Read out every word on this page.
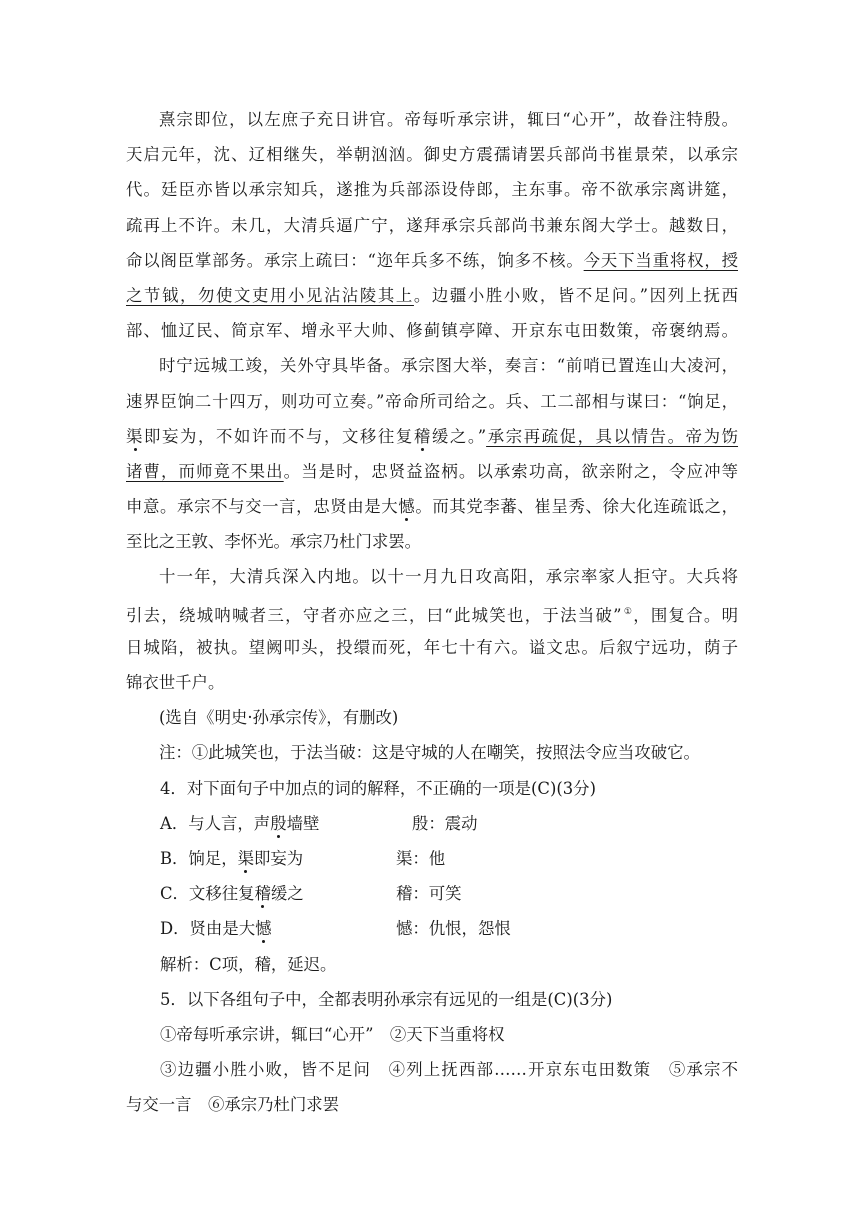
熹宗即位，以左庶子充日讲官。帝每听承宗讲，辄曰“心开”，故眷注特殷。
天启元年，沈、辽相继失，举朝汹汹。御史方震孺请罢兵部尚书崔景荣，以承宗
代。廷臣亦皆以承宗知兵，遂推为兵部添设侍郎，主东事。帝不欲承宗离讲筵，
疏再上不许。未几，大清兵逼广宁，遂拜承宗兵部尚书兼东阁大学士。越数日，
命以阁臣掌部务。承宗上疏曰：“迩年兵多不练，饷多不核。今天下当重将权，授
之节钺，勿使文吏用小见沾沾陵其上。边疆小胜小败，皆不足问。”因列上抚西
部、恤辽民、简京军、增永平大帅、修蓟镇亭障、开京东屯田数策，帝褒纳焉。
时宁远城工竣，关外守具毕备。承宗图大举，奏言：“前哨已置连山大凌河，
速界臣饷二十四万，则功可立奏。”帝命所司给之。兵、工二部相与谋曰：“饷足，
渠即妄为，不如许而不与，文移往复稽缓之。”承宗再疏促，具以情告。帝为饬
诸曹，而师竟不果出。当是时，忠贤益盗柄。以承索功高，欲亲附之，令应冲等
申意。承宗不与交一言，忠贤由是大憾。而其党李蕃、崔呈秀、徐大化连疏诋之，
至比之王敦、李怀光。承宗乃杜门求罢。
十一年，大清兵深入内地。以十一月九日攻高阳，承宗率家人拒守。大兵将
引去，绕城呐喊者三，守者亦应之三，曰“此城笑也，于法当破”①，围复合。明
日城陷，被执。望阙叩头，投缳而死，年七十有六。谥文忠。后叙宁远功，荫子
锦衣世千户。
(选自《明史·孙承宗传》，有删改)
注：①此城笑也，于法当破：这是守城的人在嘲笑，按照法令应当攻破它。
4．对下面句子中加点的词的解释，不正确的一项是(C)(3分)
A．与人言，声殷墙壁	殷：震动
B．饷足，渠即妄为	渠：他
C．文移往复稽缓之	稽：可笑
D．贤由是大憾	憾：仇恨，怨恨
解析：C项，稽，延迟。
5．以下各组句子中，全都表明孙承宗有远见的一组是(C)(3分)
①帝每听承宗讲，辄曰“心开”　②天下当重将权
③边疆小胜小败，皆不足问　④列上抚西部……开京东屯田数策　⑤承宗不
与交一言　⑥承宗乃杜门求罢
